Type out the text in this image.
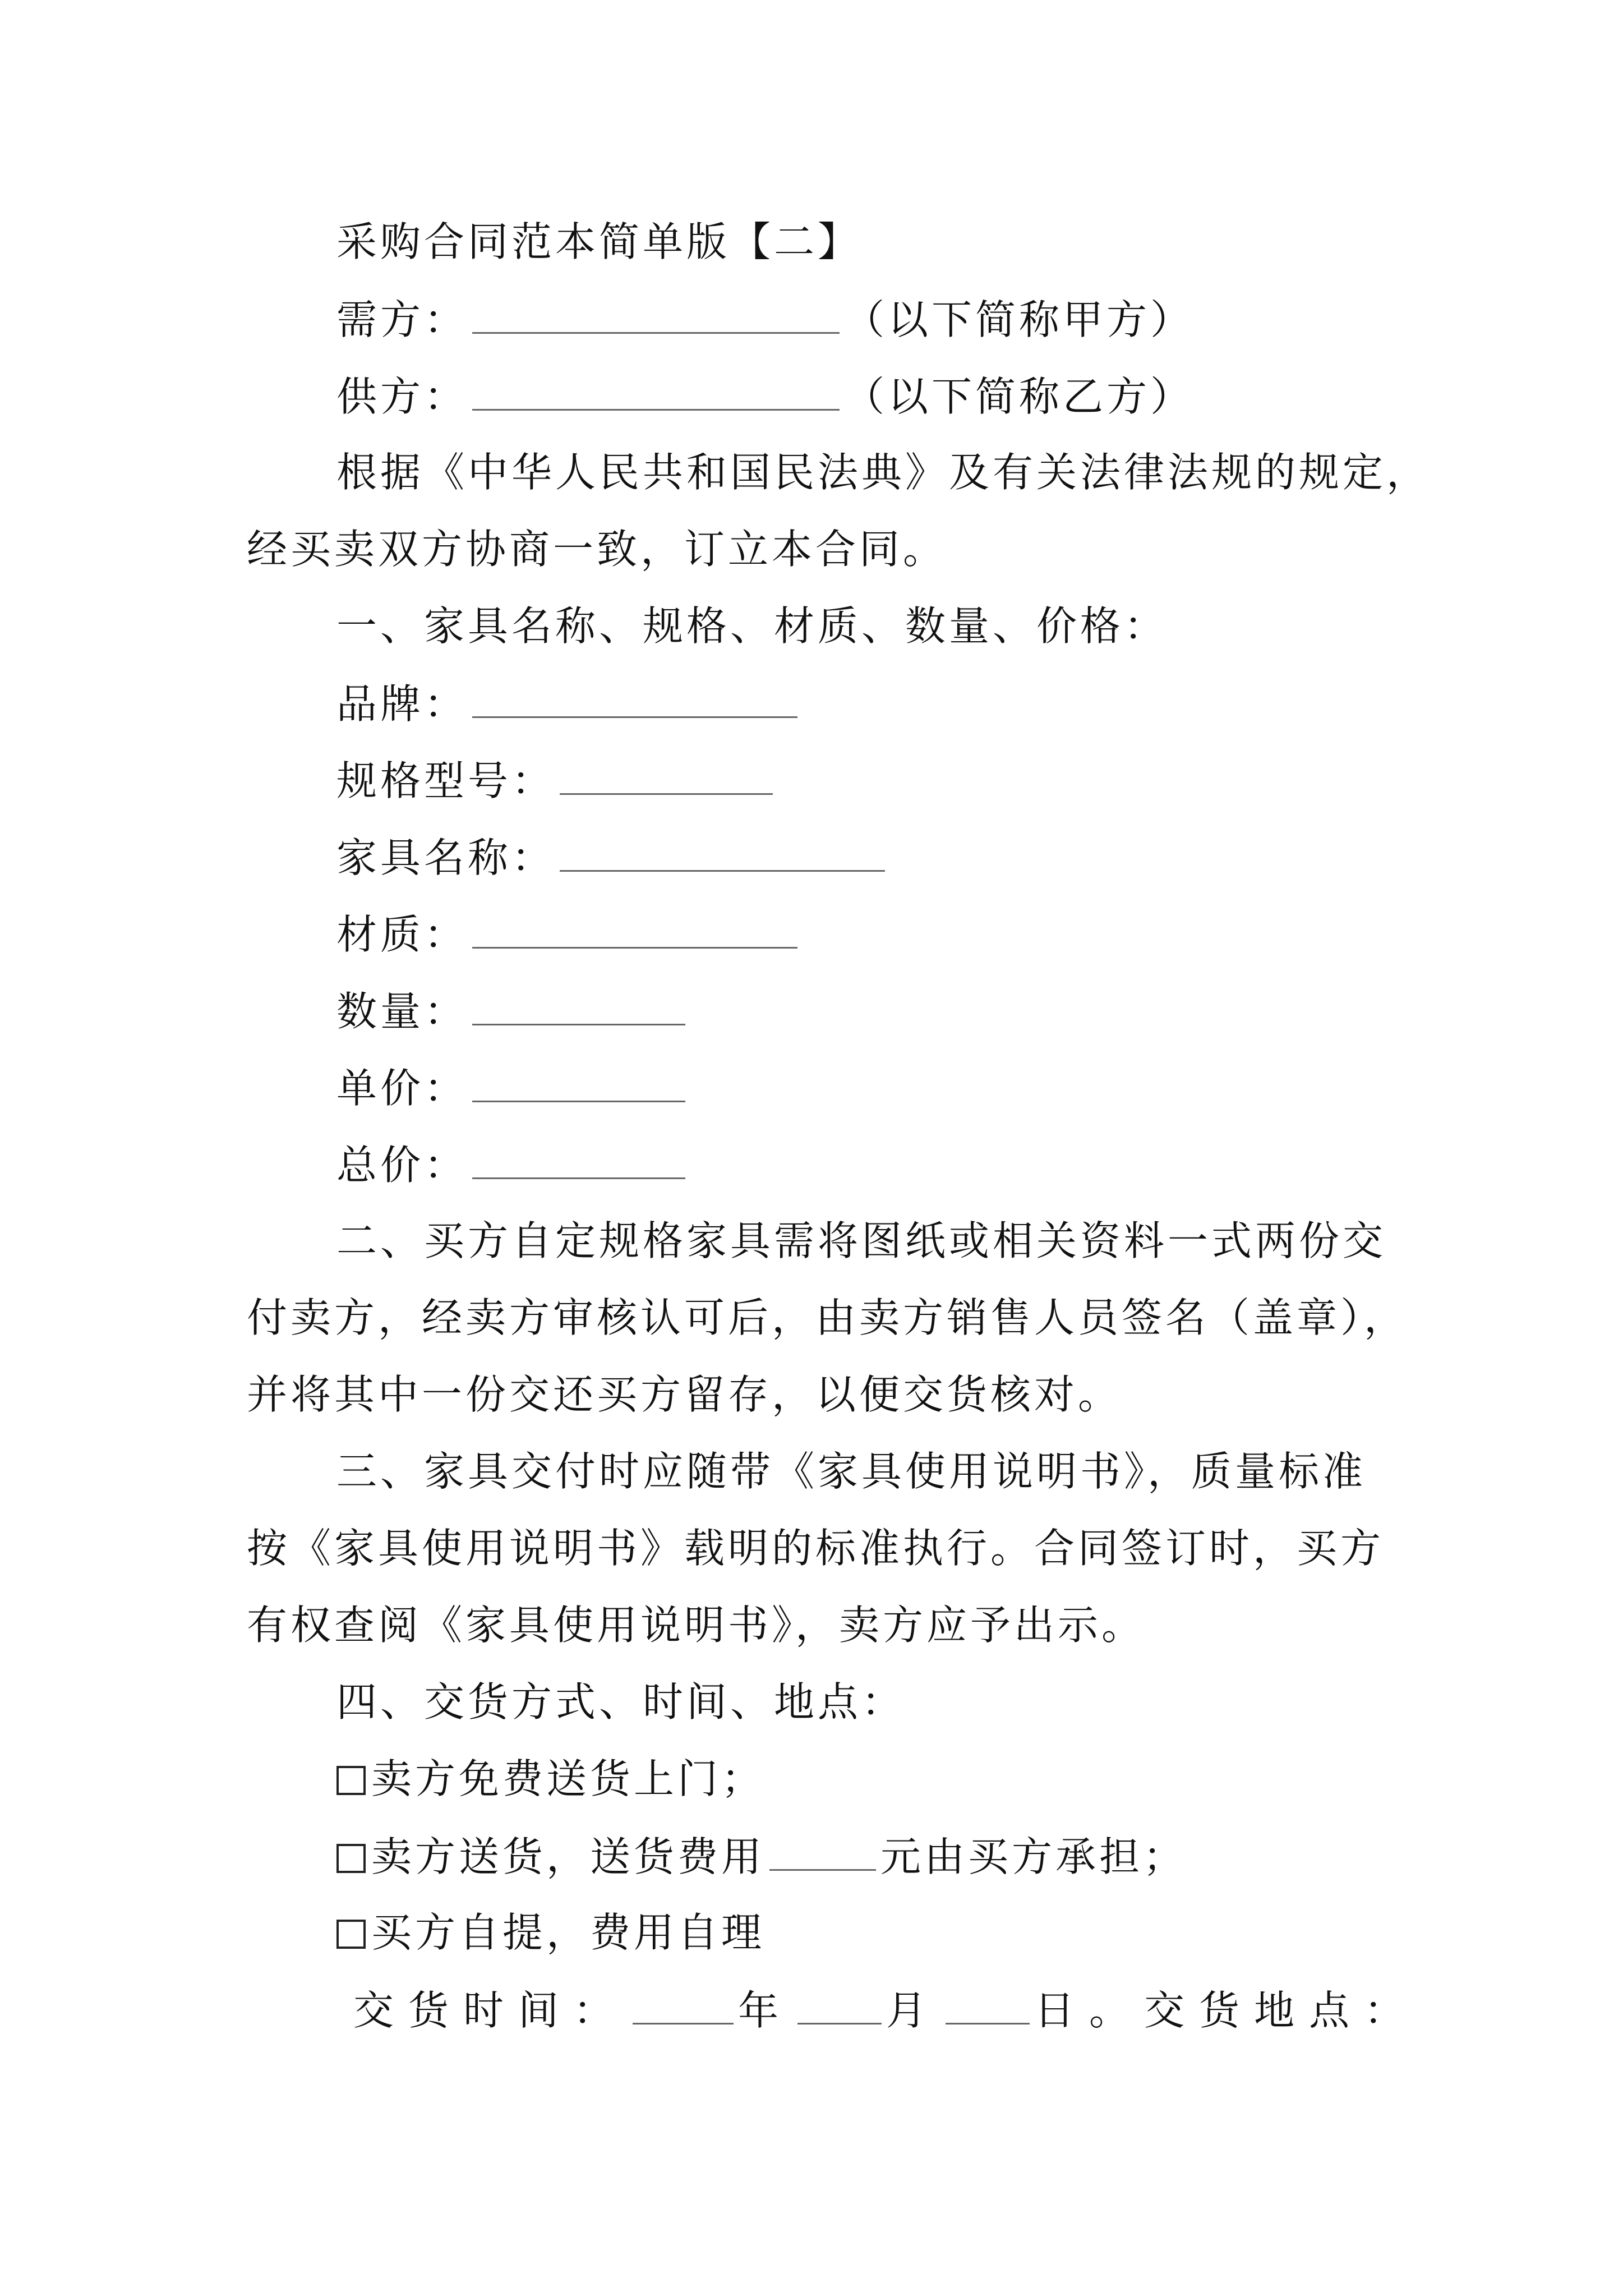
采购合同范本简单版【二】
需方：	（以下简称甲方）
供方：	（以下简称乙方）
根据《中华人民共和国民法典》及有关法律法规的规定，
经买卖双方协商一致，订立本合同。
一、家具名称、规格、材质、数量、价格：
品牌：
规格型号：
家具名称：
材质：
数量：
单价：
总价：
二、买方自定规格家具需将图纸或相关资料一式两份交
付卖方，经卖方审核认可后，由卖方销售人员签名（盖章），
并将其中一份交还买方留存，以便交货核对。
三、家具交付时应随带《家具使用说明书》，质量标准
按《家具使用说明书》载明的标准执行。合同签订时，买方
有权查阅《家具使用说明书》，卖方应予出示。
四、交货方式、时间、地点：
卖方免费送货上门；
卖方送货，送货费用	元由买方承担；
买方自提，费用自理
交货时间：	年 月 日。交货地点：
